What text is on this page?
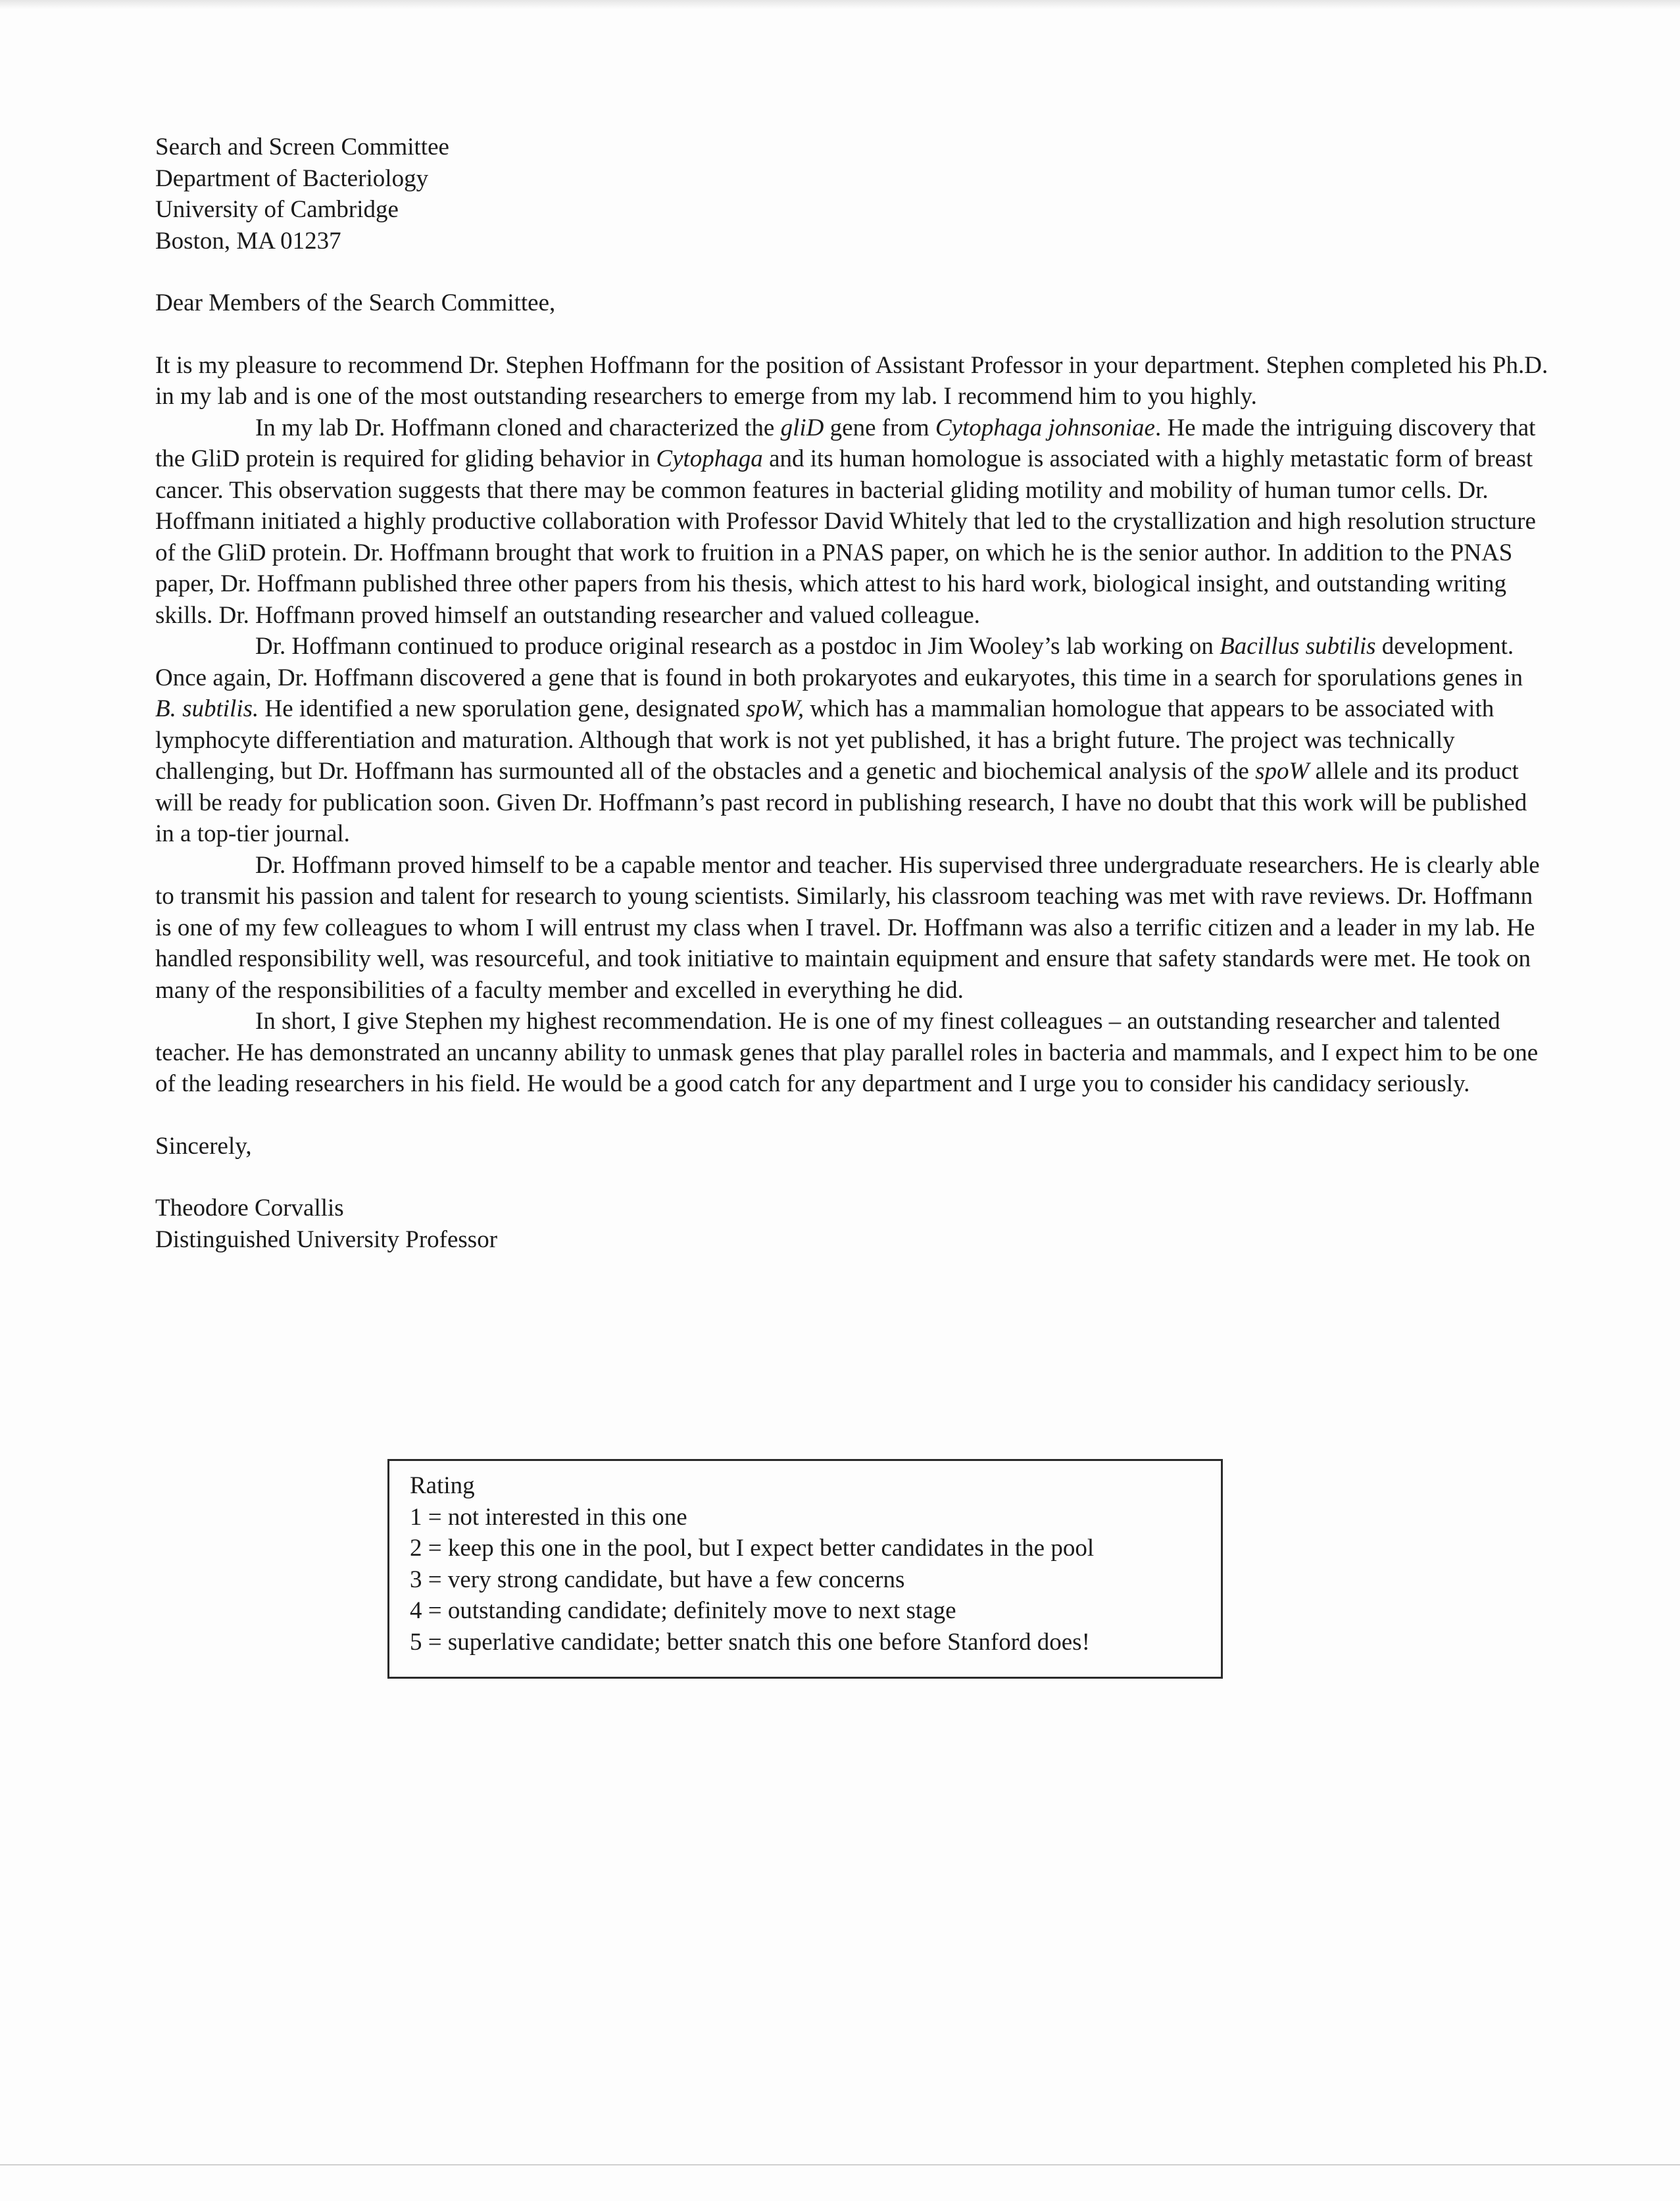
Search and Screen Committee
Department of Bacteriology
University of Cambridge
Boston, MA 01237

Dear Members of the Search Committee,

It is my pleasure to recommend Dr. Stephen Hoffmann for the position of Assistant Professor in your department. Stephen completed his Ph.D. in my lab and is one of the most outstanding researchers to emerge from my lab. I recommend him to you highly.

In my lab Dr. Hoffmann cloned and characterized the gliD gene from Cytophaga johnsoniae. He made the intriguing discovery that the GliD protein is required for gliding behavior in Cytophaga and its human homologue is associated with a highly metastatic form of breast cancer. This observation suggests that there may be common features in bacterial gliding motility and mobility of human tumor cells. Dr. Hoffmann initiated a highly productive collaboration with Professor David Whitely that led to the crystallization and high resolution structure of the GliD protein. Dr. Hoffmann brought that work to fruition in a PNAS paper, on which he is the senior author. In addition to the PNAS paper, Dr. Hoffmann published three other papers from his thesis, which attest to his hard work, biological insight, and outstanding writing skills. Dr. Hoffmann proved himself an outstanding researcher and valued colleague.

Dr. Hoffmann continued to produce original research as a postdoc in Jim Wooley’s lab working on Bacillus subtilis development. Once again, Dr. Hoffmann discovered a gene that is found in both prokaryotes and eukaryotes, this time in a search for sporulations genes in B. subtilis. He identified a new sporulation gene, designated spoW, which has a mammalian homologue that appears to be associated with lymphocyte differentiation and maturation. Although that work is not yet published, it has a bright future. The project was technically challenging, but Dr. Hoffmann has surmounted all of the obstacles and a genetic and biochemical analysis of the spoW allele and its product will be ready for publication soon. Given Dr. Hoffmann’s past record in publishing research, I have no doubt that this work will be published in a top-tier journal.

Dr. Hoffmann proved himself to be a capable mentor and teacher. His supervised three undergraduate researchers. He is clearly able to transmit his passion and talent for research to young scientists. Similarly, his classroom teaching was met with rave reviews. Dr. Hoffmann is one of my few colleagues to whom I will entrust my class when I travel. Dr. Hoffmann was also a terrific citizen and a leader in my lab. He handled responsibility well, was resourceful, and took initiative to maintain equipment and ensure that safety standards were met. He took on many of the responsibilities of a faculty member and excelled in everything he did.

In short, I give Stephen my highest recommendation. He is one of my finest colleagues – an outstanding researcher and talented teacher. He has demonstrated an uncanny ability to unmask genes that play parallel roles in bacteria and mammals, and I expect him to be one of the leading researchers in his field. He would be a good catch for any department and I urge you to consider his candidacy seriously.

Sincerely,

Theodore Corvallis
Distinguished University Professor
Rating
1 = not interested in this one
2 = keep this one in the pool, but I expect better candidates in the pool
3 = very strong candidate, but have a few concerns
4 = outstanding candidate; definitely move to next stage
5 = superlative candidate; better snatch this one before Stanford does!
